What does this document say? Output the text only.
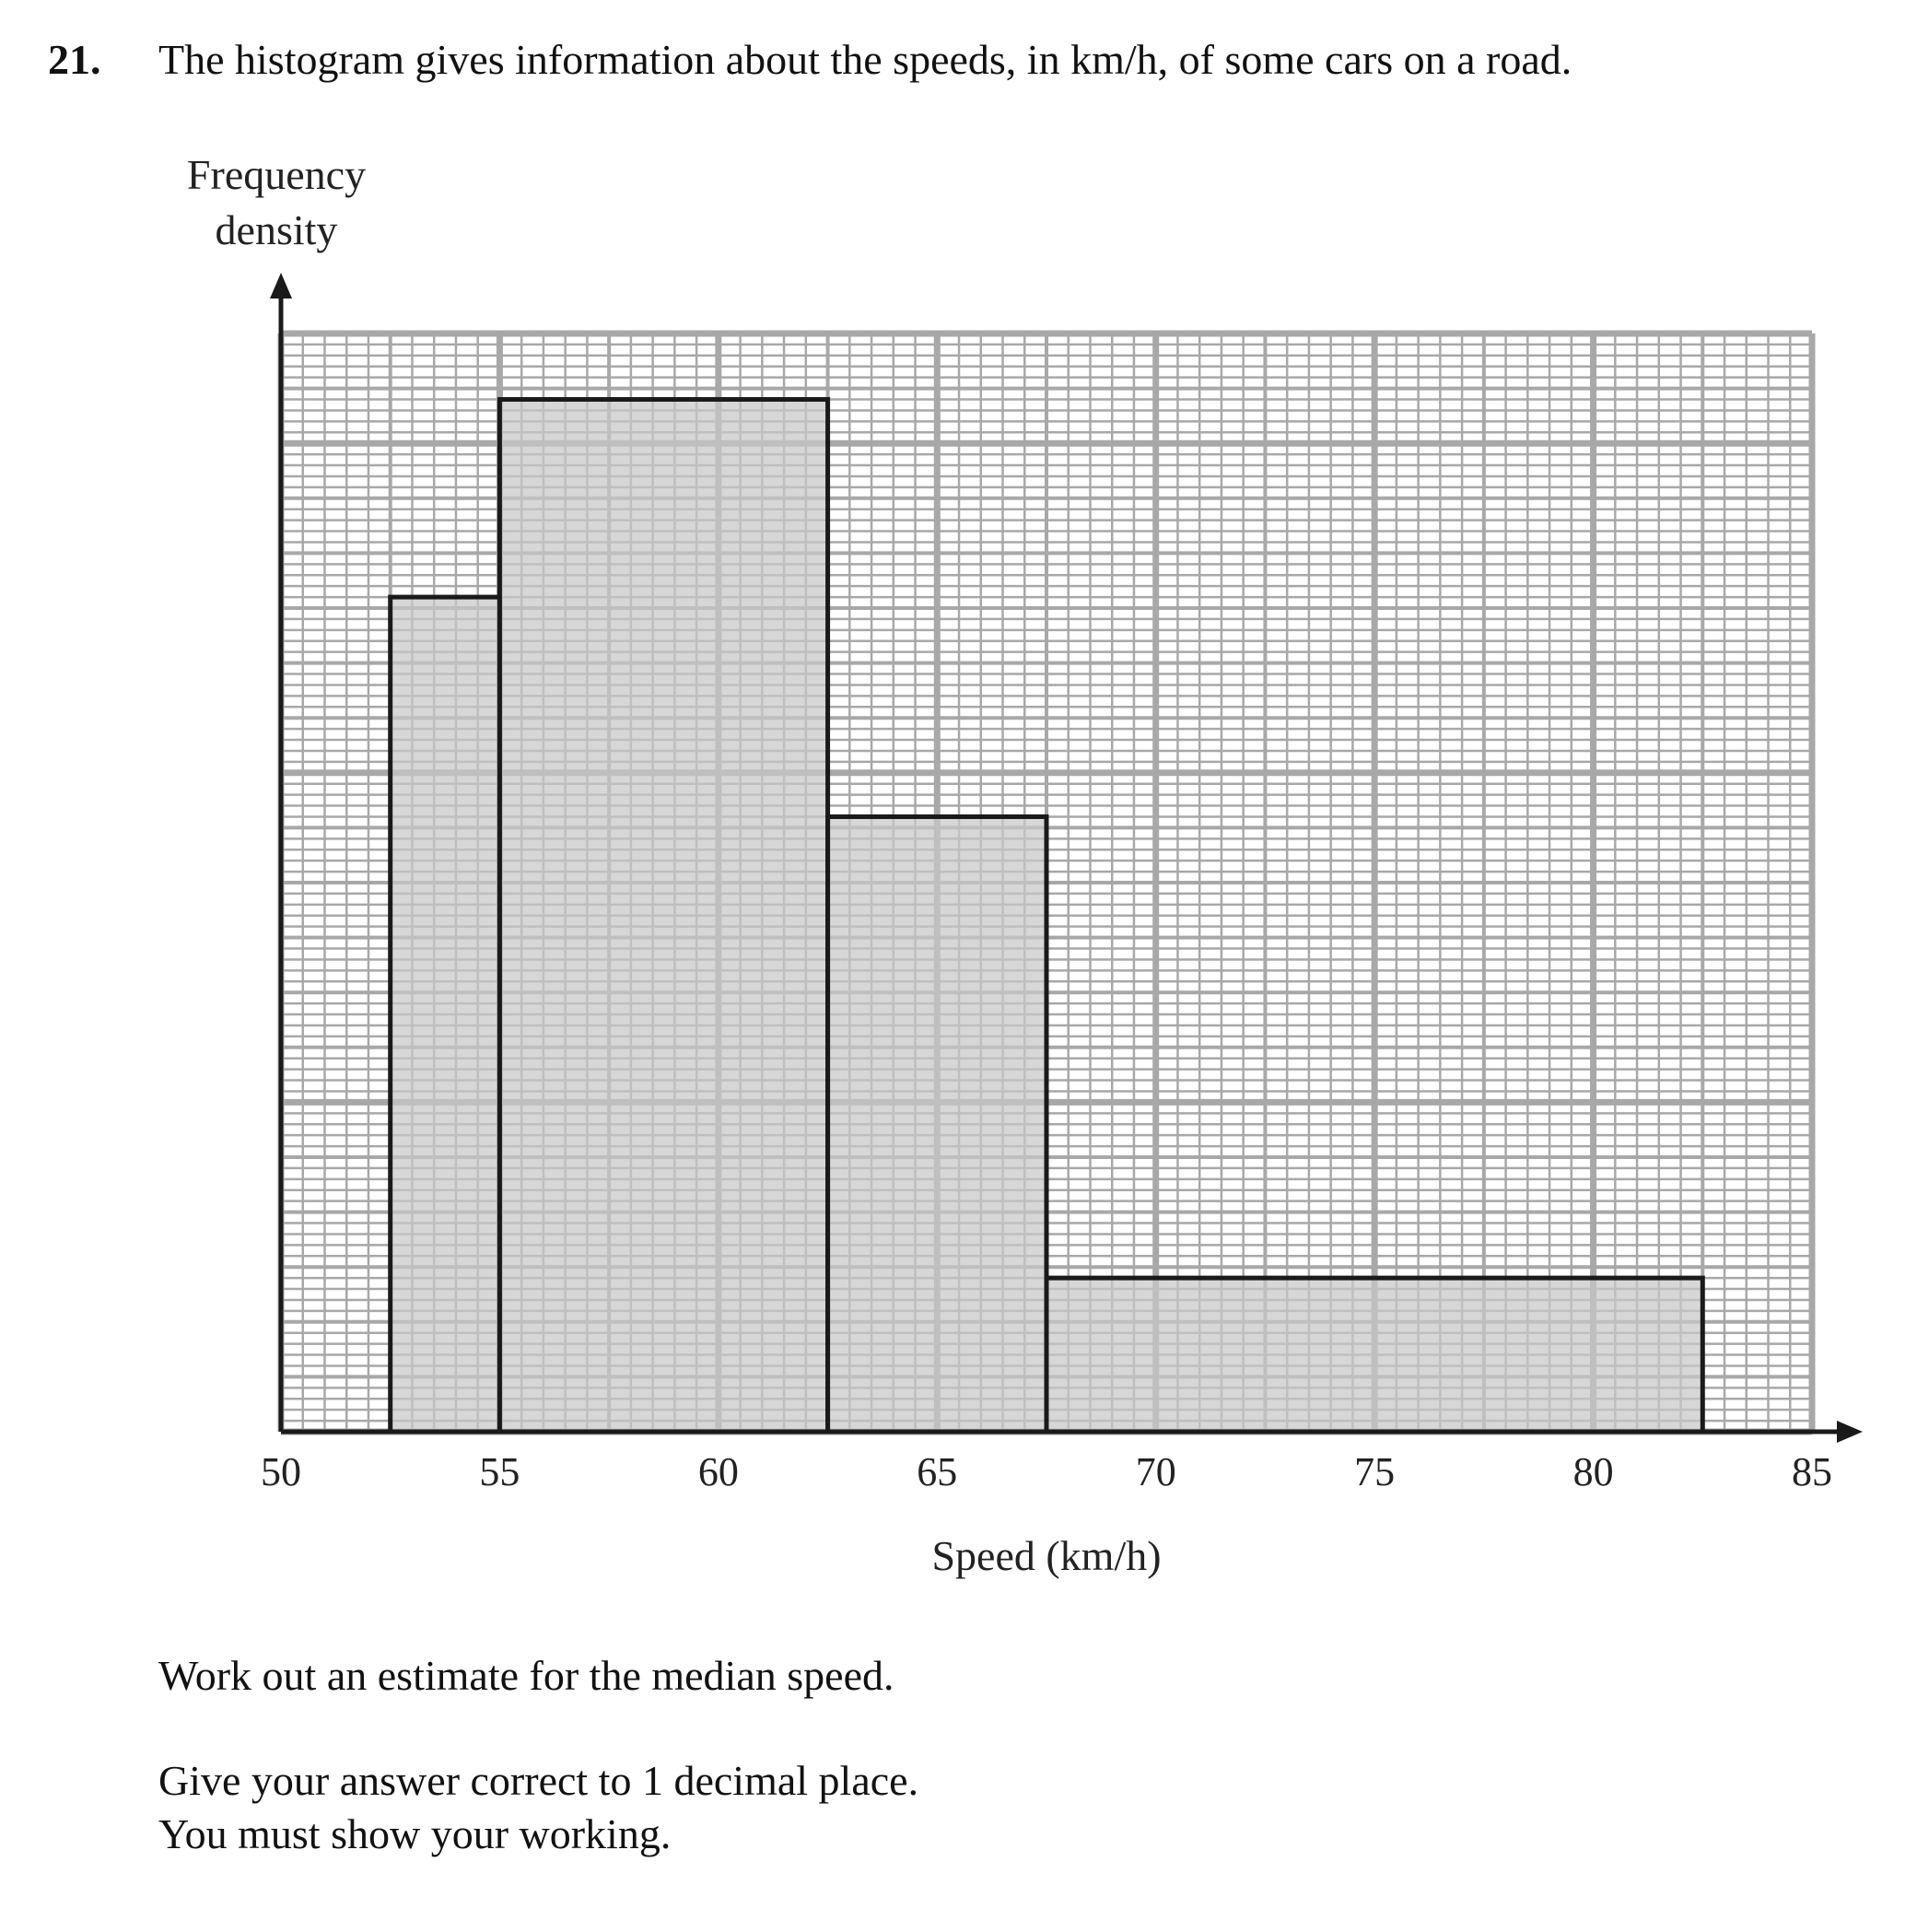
21. The histogram gives information about the speeds, in km/h, of some cars on a road.
Frequency
density
50	55	60	65	70	75	80	85
Speed (km/h)
Work out an estimate for the median speed.
Give your answer correct to 1 decimal place.
You must show your working.
